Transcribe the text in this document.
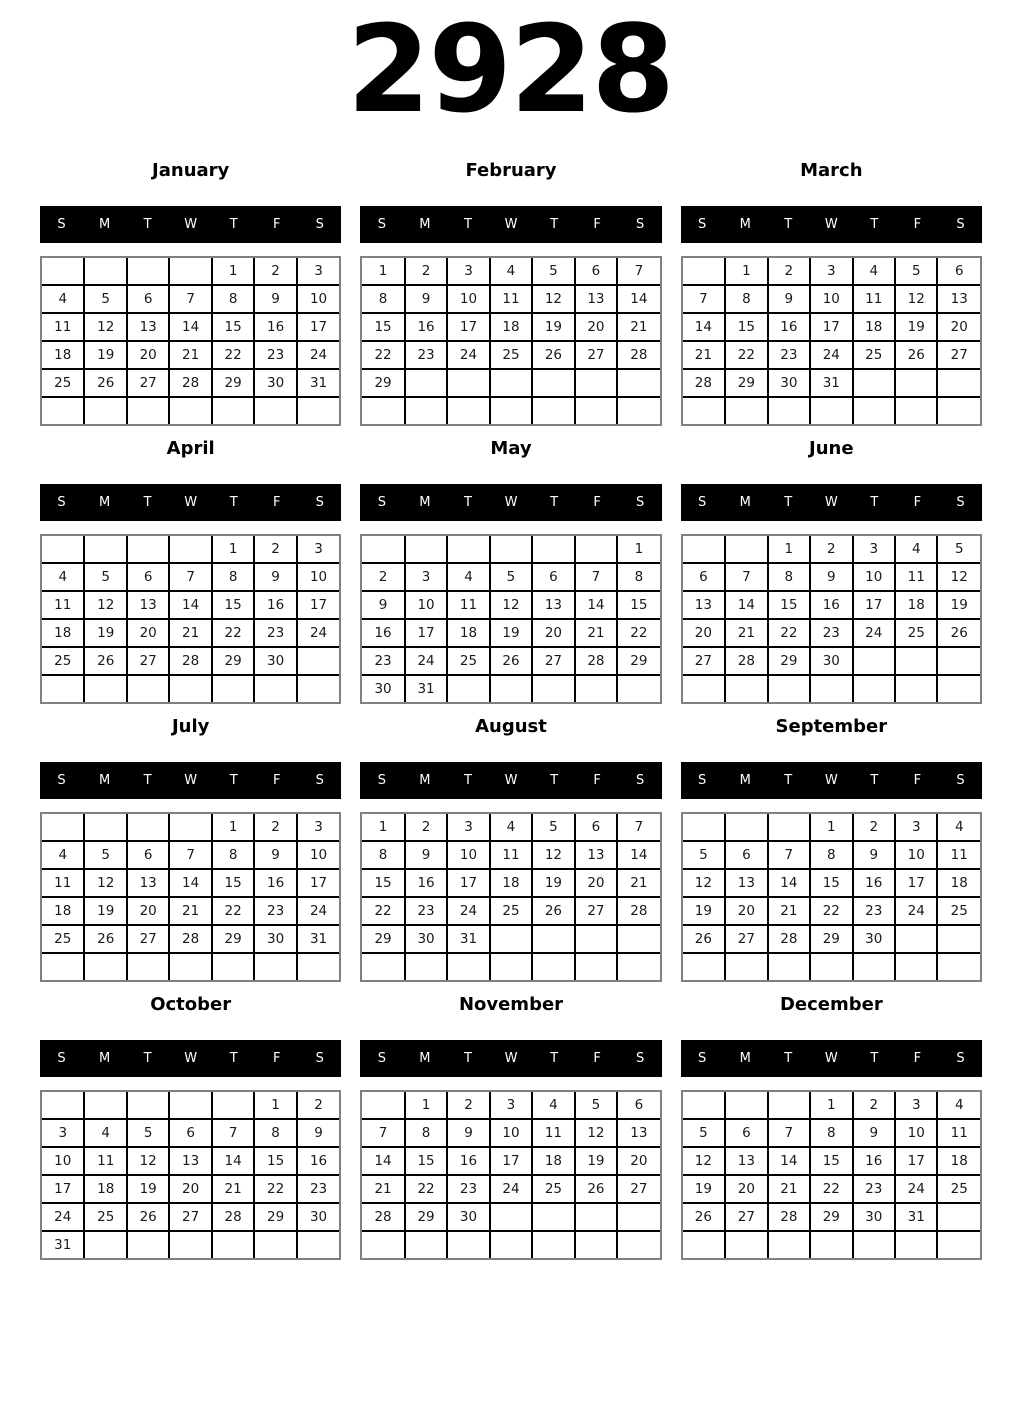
2928
January
S	M	T	W	T	F	S
				1	2	3
4	5	6	7	8	9	10
11	12	13	14	15	16	17
18	19	20	21	22	23	24
25	26	27	28	29	30	31

February
S	M	T	W	T	F	S
1	2	3	4	5	6	7
8	9	10	11	12	13	14
15	16	17	18	19	20	21
22	23	24	25	26	27	28
29						

March
S	M	T	W	T	F	S
	1	2	3	4	5	6
7	8	9	10	11	12	13
14	15	16	17	18	19	20
21	22	23	24	25	26	27
28	29	30	31			

April
S	M	T	W	T	F	S
				1	2	3
4	5	6	7	8	9	10
11	12	13	14	15	16	17
18	19	20	21	22	23	24
25	26	27	28	29	30	

May
S	M	T	W	T	F	S
						1
2	3	4	5	6	7	8
9	10	11	12	13	14	15
16	17	18	19	20	21	22
23	24	25	26	27	28	29
30	31					
June
S	M	T	W	T	F	S
		1	2	3	4	5
6	7	8	9	10	11	12
13	14	15	16	17	18	19
20	21	22	23	24	25	26
27	28	29	30			

July
S	M	T	W	T	F	S
				1	2	3
4	5	6	7	8	9	10
11	12	13	14	15	16	17
18	19	20	21	22	23	24
25	26	27	28	29	30	31

August
S	M	T	W	T	F	S
1	2	3	4	5	6	7
8	9	10	11	12	13	14
15	16	17	18	19	20	21
22	23	24	25	26	27	28
29	30	31				

September
S	M	T	W	T	F	S
			1	2	3	4
5	6	7	8	9	10	11
12	13	14	15	16	17	18
19	20	21	22	23	24	25
26	27	28	29	30		

October
S	M	T	W	T	F	S
					1	2
3	4	5	6	7	8	9
10	11	12	13	14	15	16
17	18	19	20	21	22	23
24	25	26	27	28	29	30
31						
November
S	M	T	W	T	F	S
	1	2	3	4	5	6
7	8	9	10	11	12	13
14	15	16	17	18	19	20
21	22	23	24	25	26	27
28	29	30				

December
S	M	T	W	T	F	S
			1	2	3	4
5	6	7	8	9	10	11
12	13	14	15	16	17	18
19	20	21	22	23	24	25
26	27	28	29	30	31	
